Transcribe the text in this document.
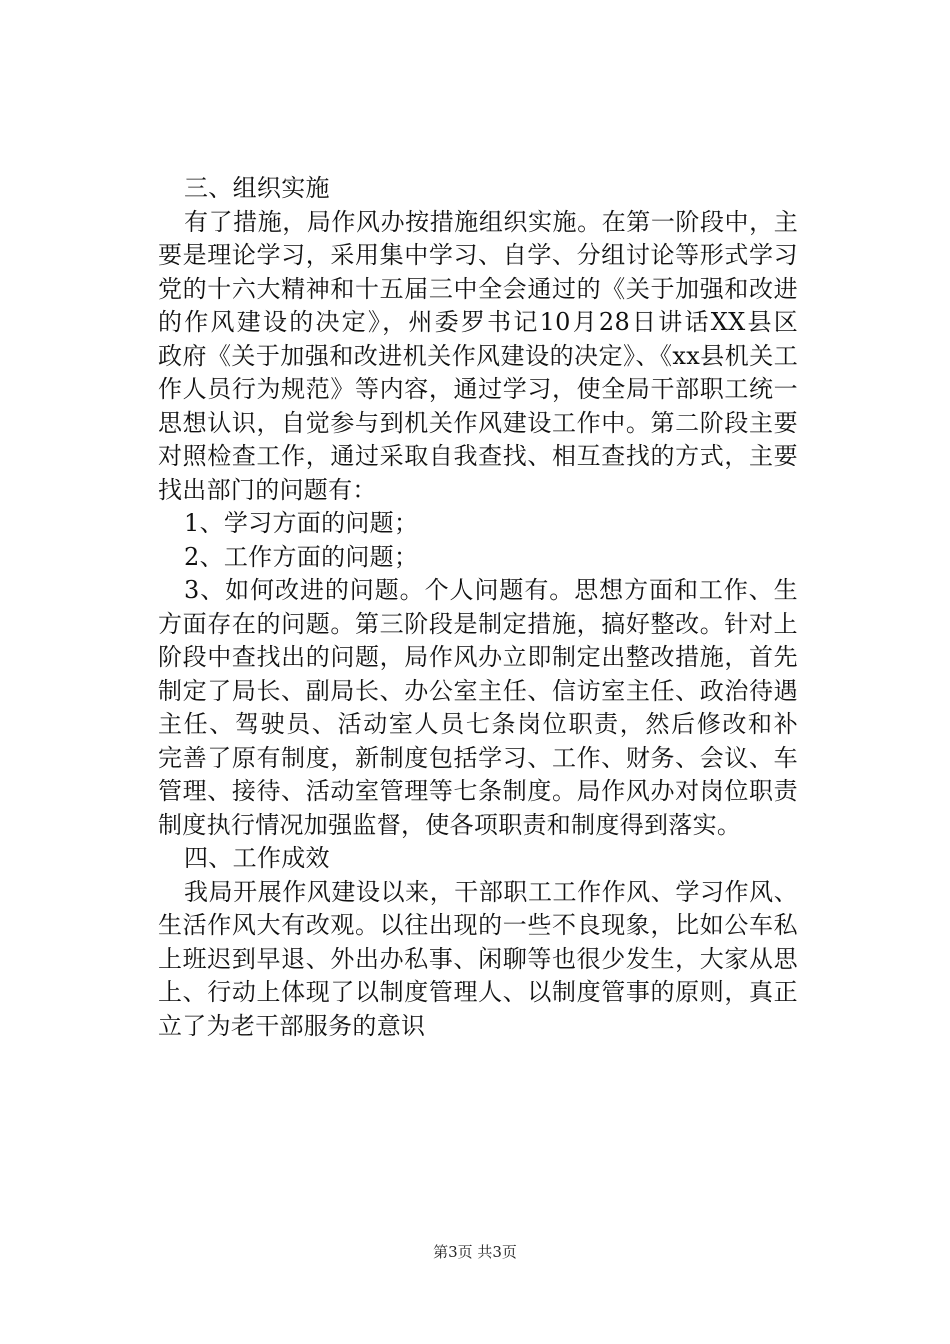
三、组织实施
有了措施，局作风办按措施组织实施。在第一阶段中，主
要是理论学习，采用集中学习、自学、分组讨论等形式学习
党的十六大精神和十五届三中全会通过的《关于加强和改进
的作风建设的决定》，州委罗书记10月28日讲话XX县区
政府《关于加强和改进机关作风建设的决定》、《xx县机关工
作人员行为规范》等内容，通过学习，使全局干部职工统一
思想认识，自觉参与到机关作风建设工作中。第二阶段主要
对照检查工作，通过采取自我查找、相互查找的方式，主要
找出部门的问题有：
1、学习方面的问题；
2、工作方面的问题；
3、如何改进的问题。个人问题有。思想方面和工作、生
方面存在的问题。第三阶段是制定措施，搞好整改。针对上
阶段中查找出的问题，局作风办立即制定出整改措施，首先
制定了局长、副局长、办公室主任、信访室主任、政治待遇
主任、驾驶员、活动室人员七条岗位职责，然后修改和补
完善了原有制度，新制度包括学习、工作、财务、会议、车
管理、接待、活动室管理等七条制度。局作风办对岗位职责
制度执行情况加强监督，使各项职责和制度得到落实。
四、工作成效
我局开展作风建设以来，干部职工工作作风、学习作风、
生活作风大有改观。以往出现的一些不良现象，比如公车私
上班迟到早退、外出办私事、闲聊等也很少发生，大家从思
上、行动上体现了以制度管理人、以制度管事的原则，真正
立了为老干部服务的意识
第3页 共3页
